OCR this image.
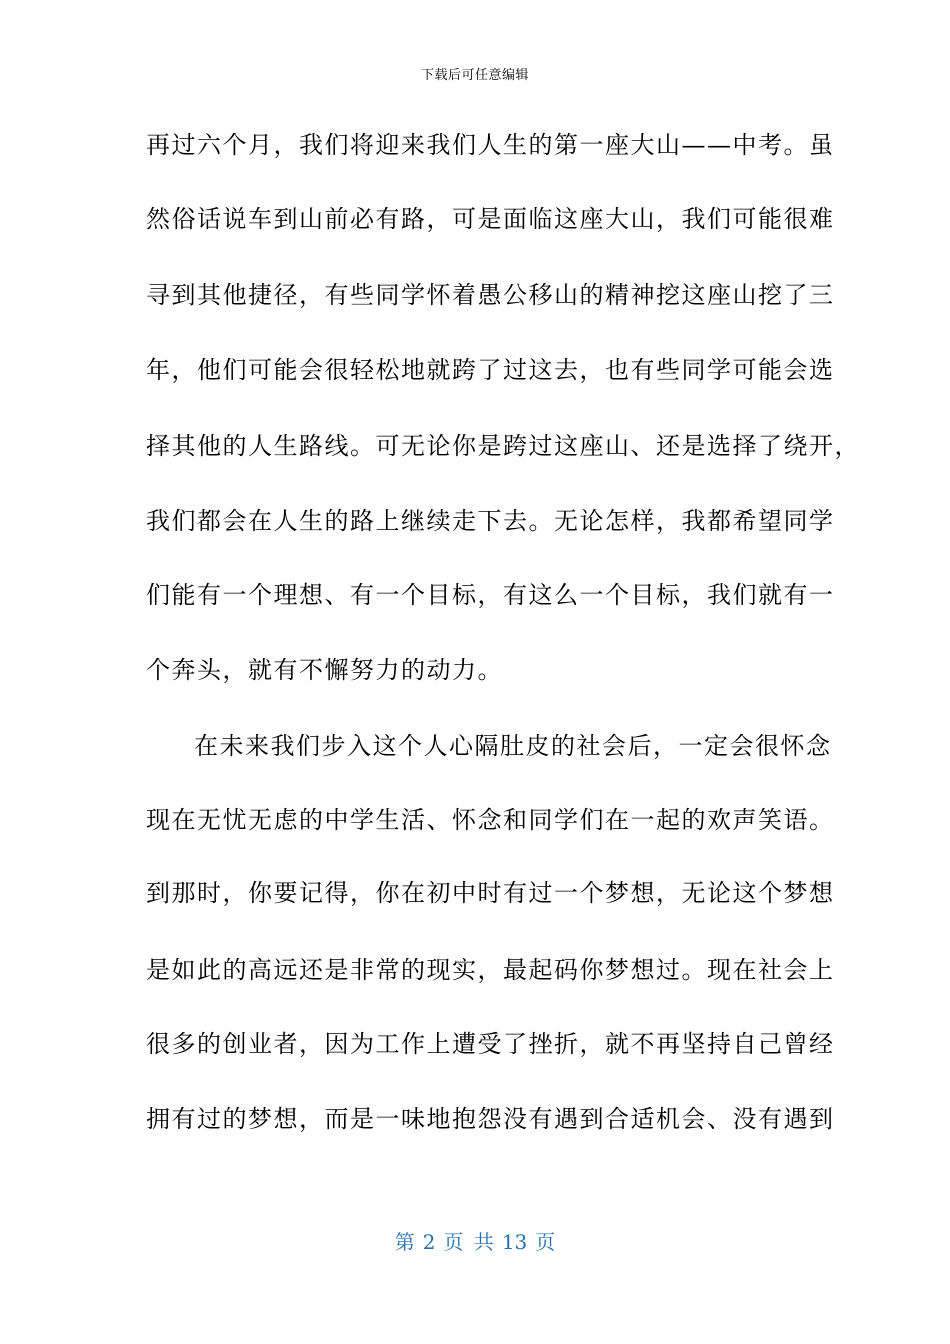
下载后可任意编辑
再过六个月，我们将迎来我们人生的第一座大山——中考。虽
然俗话说车到山前必有路，可是面临这座大山，我们可能很难
寻到其他捷径，有些同学怀着愚公移山的精神挖这座山挖了三
年，他们可能会很轻松地就跨了过这去，也有些同学可能会选
择其他的人生路线。可无论你是跨过这座山、还是选择了绕开，
我们都会在人生的路上继续走下去。无论怎样，我都希望同学
们能有一个理想、有一个目标，有这么一个目标，我们就有一
个奔头，就有不懈努力的动力。
在未来我们步入这个人心隔肚皮的社会后，一定会很怀念
现在无忧无虑的中学生活、怀念和同学们在一起的欢声笑语。
到那时，你要记得，你在初中时有过一个梦想，无论这个梦想
是如此的高远还是非常的现实，最起码你梦想过。现在社会上
很多的创业者，因为工作上遭受了挫折，就不再坚持自己曾经
拥有过的梦想，而是一味地抱怨没有遇到合适机会、没有遇到
第 2 页 共 13 页
